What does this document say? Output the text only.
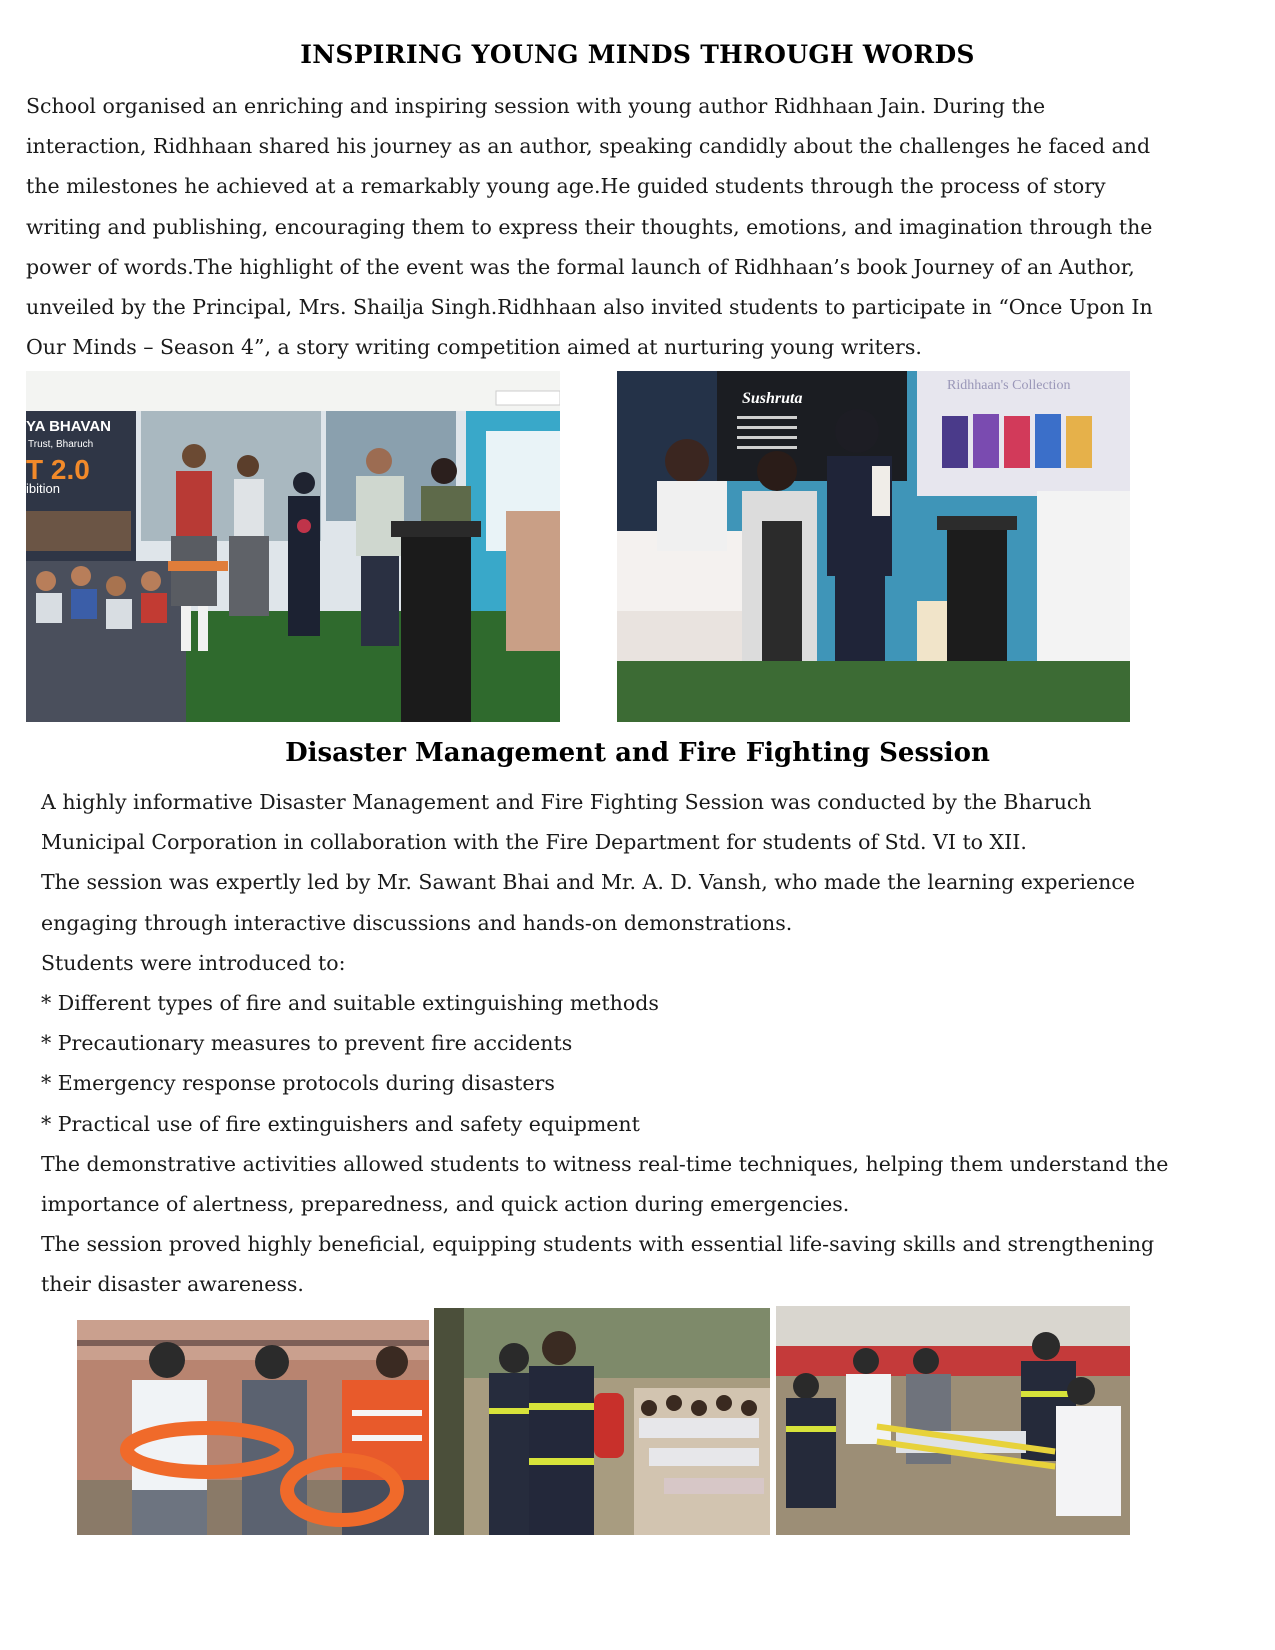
INSPIRING YOUNG MINDS THROUGH WORDS

School organised an enriching and inspiring session with young author Ridhhaan Jain. During the

interaction, Ridhhaan shared his journey as an author, speaking candidly about the challenges he faced and

the milestones he achieved at a remarkably young age.He guided students through the process of story

writing and publishing, encouraging them to express their thoughts, emotions, and imagination through the

power of words.The highlight of the event was the formal launch of Ridhhaan’s book Journey of an Author,

unveiled by the Principal, Mrs. Shailja Singh.Ridhhaan also invited students to participate in “Once Upon In

Our Minds – Season 4”, a story writing competition aimed at nurturing young writers.

YA BHAVAN
Trust, Bharuch
T 2.0
ibition
Sushruta
Ridhhaan's Collection
Disaster Management and Fire Fighting Session

A highly informative Disaster Management and Fire Fighting Session was conducted by the Bharuch

Municipal Corporation in collaboration with the Fire Department for students of Std. VI to XII.

The session was expertly led by Mr. Sawant Bhai and Mr. A. D. Vansh, who made the learning experience

engaging through interactive discussions and hands-on demonstrations.

Students were introduced to:

* Different types of fire and suitable extinguishing methods

* Precautionary measures to prevent fire accidents

* Emergency response protocols during disasters

* Practical use of fire extinguishers and safety equipment

The demonstrative activities allowed students to witness real-time techniques, helping them understand the

importance of alertness, preparedness, and quick action during emergencies.

The session proved highly beneficial, equipping students with essential life-saving skills and strengthening

their disaster awareness.
